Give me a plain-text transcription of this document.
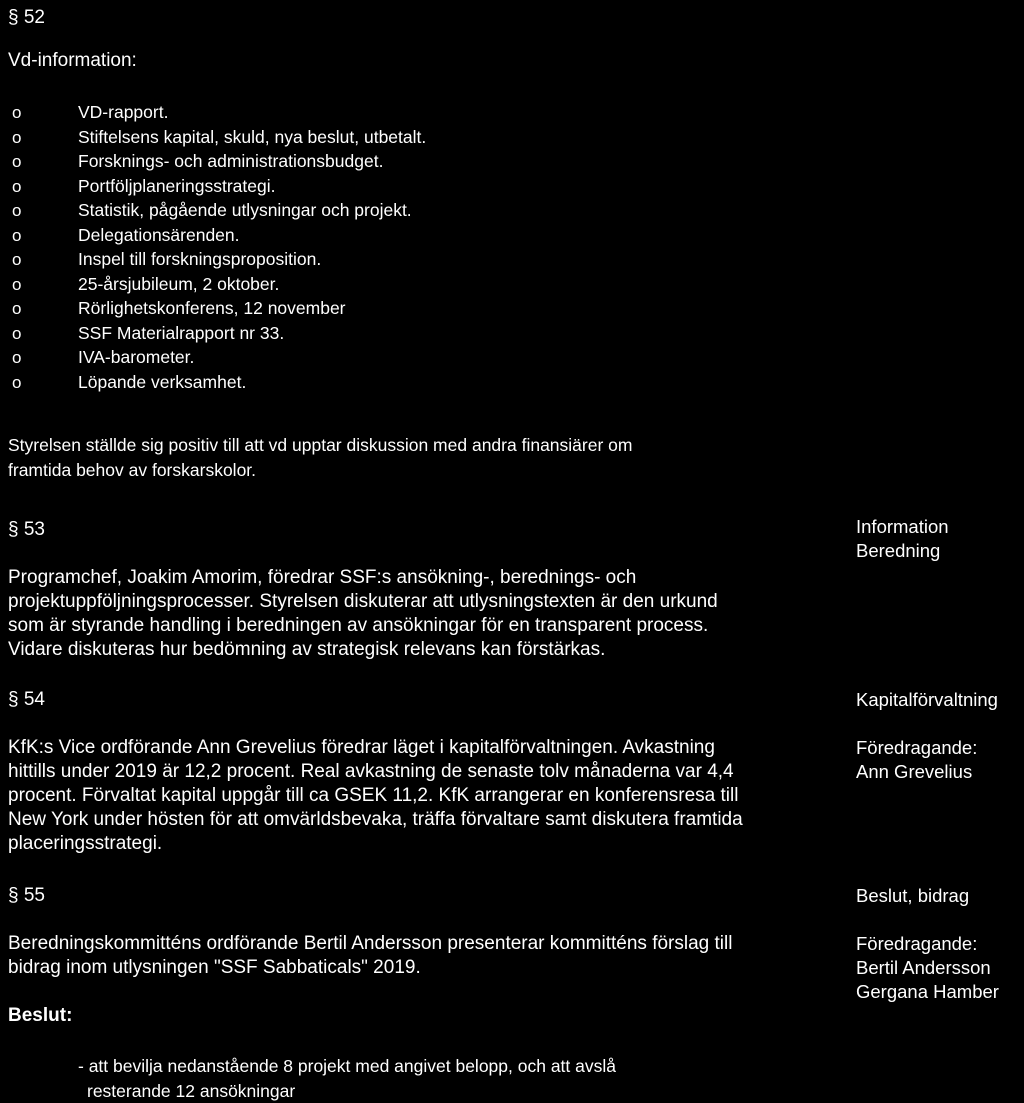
§ 52
Vd-information:
o	VD-rapport.
o	Stiftelsens kapital, skuld, nya beslut, utbetalt.
o	Forsknings- och administrationsbudget.
o	Portföljplaneringsstrategi.
o	Statistik, pågående utlysningar och projekt.
o	Delegationsärenden.
o	Inspel till forskningsproposition.
o	25-årsjubileum, 2 oktober.
o	Rörlighetskonferens, 12 november
o	SSF Materialrapport nr 33.
o	IVA-barometer.
o	Löpande verksamhet.
Styrelsen ställde sig positiv till att vd upptar diskussion med andra finansiärer om
framtida behov av forskarskolor.
§ 53	Information
Beredning
Programchef, Joakim Amorim, föredrar SSF:s ansökning-, berednings- och
projektuppföljningsprocesser. Styrelsen diskuterar att utlysningstexten är den urkund
som är styrande handling i beredningen av ansökningar för en transparent process.
Vidare diskuteras hur bedömning av strategisk relevans kan förstärkas.
§ 54	Kapitalförvaltning
Föredragande:
Ann Grevelius
KfK:s Vice ordförande Ann Grevelius föredrar läget i kapitalförvaltningen. Avkastning
hittills under 2019 är 12,2 procent. Real avkastning de senaste tolv månaderna var 4,4
procent. Förvaltat kapital uppgår till ca GSEK 11,2. KfK arrangerar en konferensresa till
New York under hösten för att omvärldsbevaka, träffa förvaltare samt diskutera framtida
placeringsstrategi.
§ 55	Beslut, bidrag
Föredragande:
Bertil Andersson
Gergana Hamber
Beredningskommitténs ordförande Bertil Andersson presenterar kommitténs förslag till
bidrag inom utlysningen "SSF Sabbaticals" 2019.
Beslut:
- att bevilja nedanstående 8 projekt med angivet belopp, och att avslå
resterande 12 ansökningar
